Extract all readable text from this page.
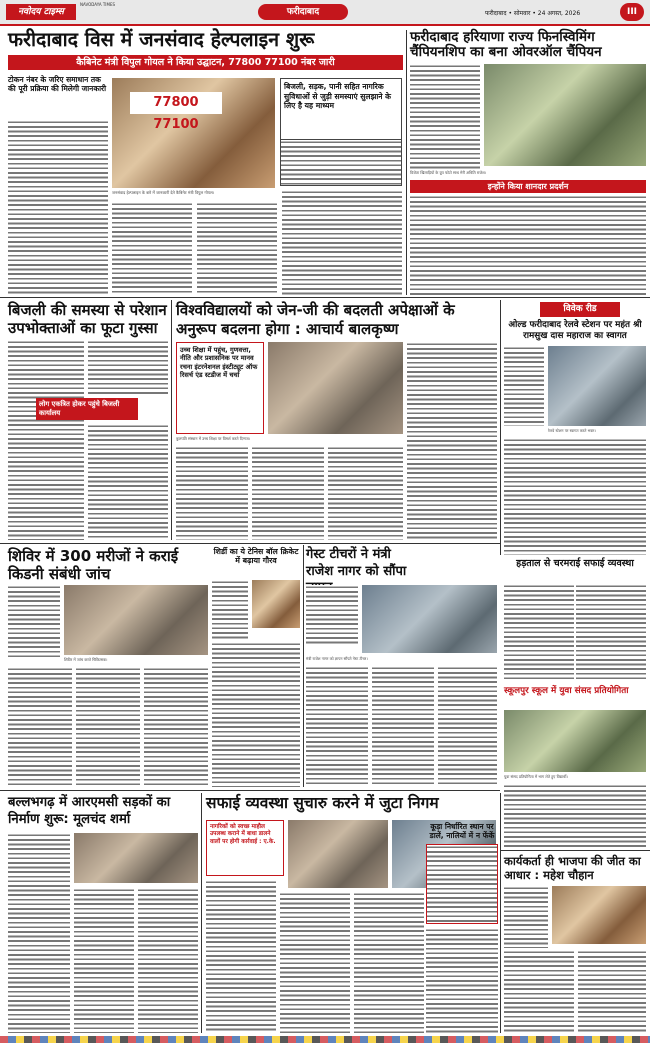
नवोदय टाइम्स
NAVODAYA TIMES
फरीदाबाद	फरीदाबाद • सोमवार • 24 अगस्त, 2026	III
फरीदाबाद विस में जनसंवाद हेल्पलाइन शुरू
कैबिनेट मंत्री विपुल गोयल ने किया उद्घाटन, 77800 77100 नंबर जारी
टोकन नंबर के जरिए समाधान तक की पूरी प्रक्रिया की मिलेगी जानकारी
77800 77100
जनसंवाद हेल्पलाइन के बारे में जानकारी देते कैबिनेट मंत्री विपुल गोयल।
बिजली, सड़क, पानी सहित नागरिक सुविधाओं से जुड़ी समस्याएं सुलझाने के लिए है यह माध्यम
फरीदाबाद हरियाणा राज्य फिनस्विमिंग चैंपियनशिप का बना ओवरऑल चैंपियन
विजेता खिलाड़ियों के ग्रुप फोटो साथ मेरी अथिति राजेश।
इन्होंने किया शानदार प्रदर्शन
बिजली की समस्या से परेशान उपभोक्ताओं का फूटा गुस्सा
लोग एकत्रित होकर पहुंचे बिजली कार्यालय
विश्वविद्यालयों को जेन-जी की बदलती अपेक्षाओं के अनुरूप बदलना होगा : आचार्य बालकृष्ण
उच्च शिक्षा में पहुंच, गुणवत्ता, नीति और प्रशासनिक पर मानव रचना इंटरनेशनल इंस्टीट्यूट ऑफ रिसर्च एंड स्टडीज में चर्चा
कुलपति संस्थान में उच्च शिक्षा पर विमर्श करते दिग्गज।
विवेक रीड
ओल्ड फरीदाबाद रेलवे स्टेशन पर महंत श्री रामसुख दास महाराज का स्वागत
रेलवे स्टेशन पर स्वागत करते भक्त।
शिविर में 300 मरीजों ने कराई किडनी संबंधी जांच
शिविर में जांच करते चिकित्सक।
शिर्डी का ये टेनिस बॉल क्रिकेट में बढ़ाया गौरव	गेस्ट टीचरों ने मंत्री राजेश नागर को सौंपा ज्ञापन
मंत्री राजेश नागर को ज्ञापन सौंपते गेस्ट टीचर।
हड़ताल से चरमराई सफाई व्यवस्था
स्कूलपुर स्कूल में युवा संसद प्रतियोगिता
युवा संसद प्रतियोगिता में भाग लेते हुए विद्यार्थी।
बल्लभगढ़ में आरएमसी सड़कों का निर्माण शुरू: मूलचंद शर्मा
सफाई व्यवस्था सुचारु करने में जुटा निगम
नागरिकों को स्वच्छ माहौल उपलब्ध कराने में बाधा डालने वालों पर होगी कार्रवाई : ए.के.
कूड़ा निर्धारित स्थान पर डालें, नालियों में न फेंकें
कार्यकर्ता ही भाजपा की जीत का आधार : महेश चौहान
